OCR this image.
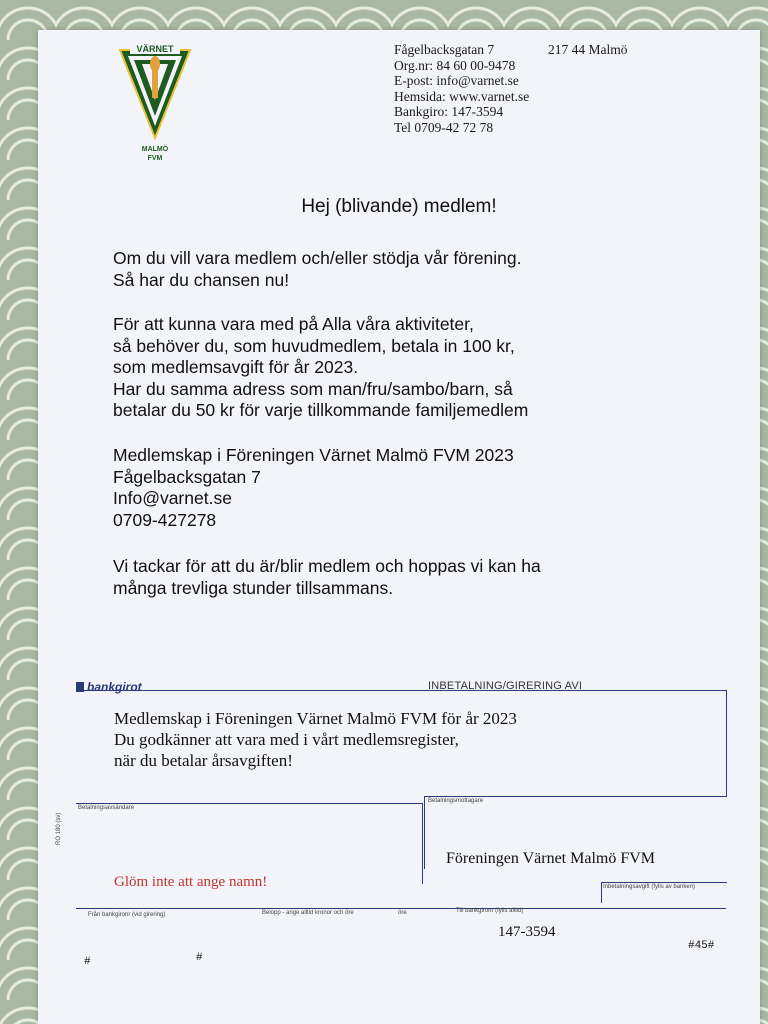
VÄRNET
MALMÖ
FVM
Fågelbacksgatan 7	217 44 Malmö
Org.nr: 84 60 00-9478
E-post: info@varnet.se
Hemsida: www.varnet.se
Bankgiro: 147-3594
Tel 0709-42 72 78
Hej (blivande) medlem!
Om du vill vara medlem och/eller stödja vår förening.
Så har du chansen nu!
För att kunna vara med på Alla våra aktiviteter,
så behöver du, som huvudmedlem, betala in 100 kr,
som medlemsavgift för år 2023.
Har du samma adress som man/fru/sambo/barn, så
betalar du 50 kr för varje tillkommande familjemedlem
Medlemskap i Föreningen Värnet Malmö FVM 2023
Fågelbacksgatan 7
Info@varnet.se
0709-427278
Vi tackar för att du är/blir medlem och hoppas vi kan ha
många trevliga stunder tillsammans.
bankgirot	INBETALNING/GIRERING AVI
Medlemskap i Föreningen Värnet Malmö FVM för år 2023
Du godkänner att vara med i vårt medlemsregister,
när du betalar årsavgiften!
Betalningsavsändare
Betalningsmottagare
Föreningen Värnet Malmö FVM
Glöm inte att ange namn!	Inbetalningsavgift (fylls av banken)
Från bankgironr (vid girering)	Belopp - ange alltid kronor och öre	öre	Till bankgironr (fylls alltid)
RO 180 (sv)
147-3594
#	#
#45#
